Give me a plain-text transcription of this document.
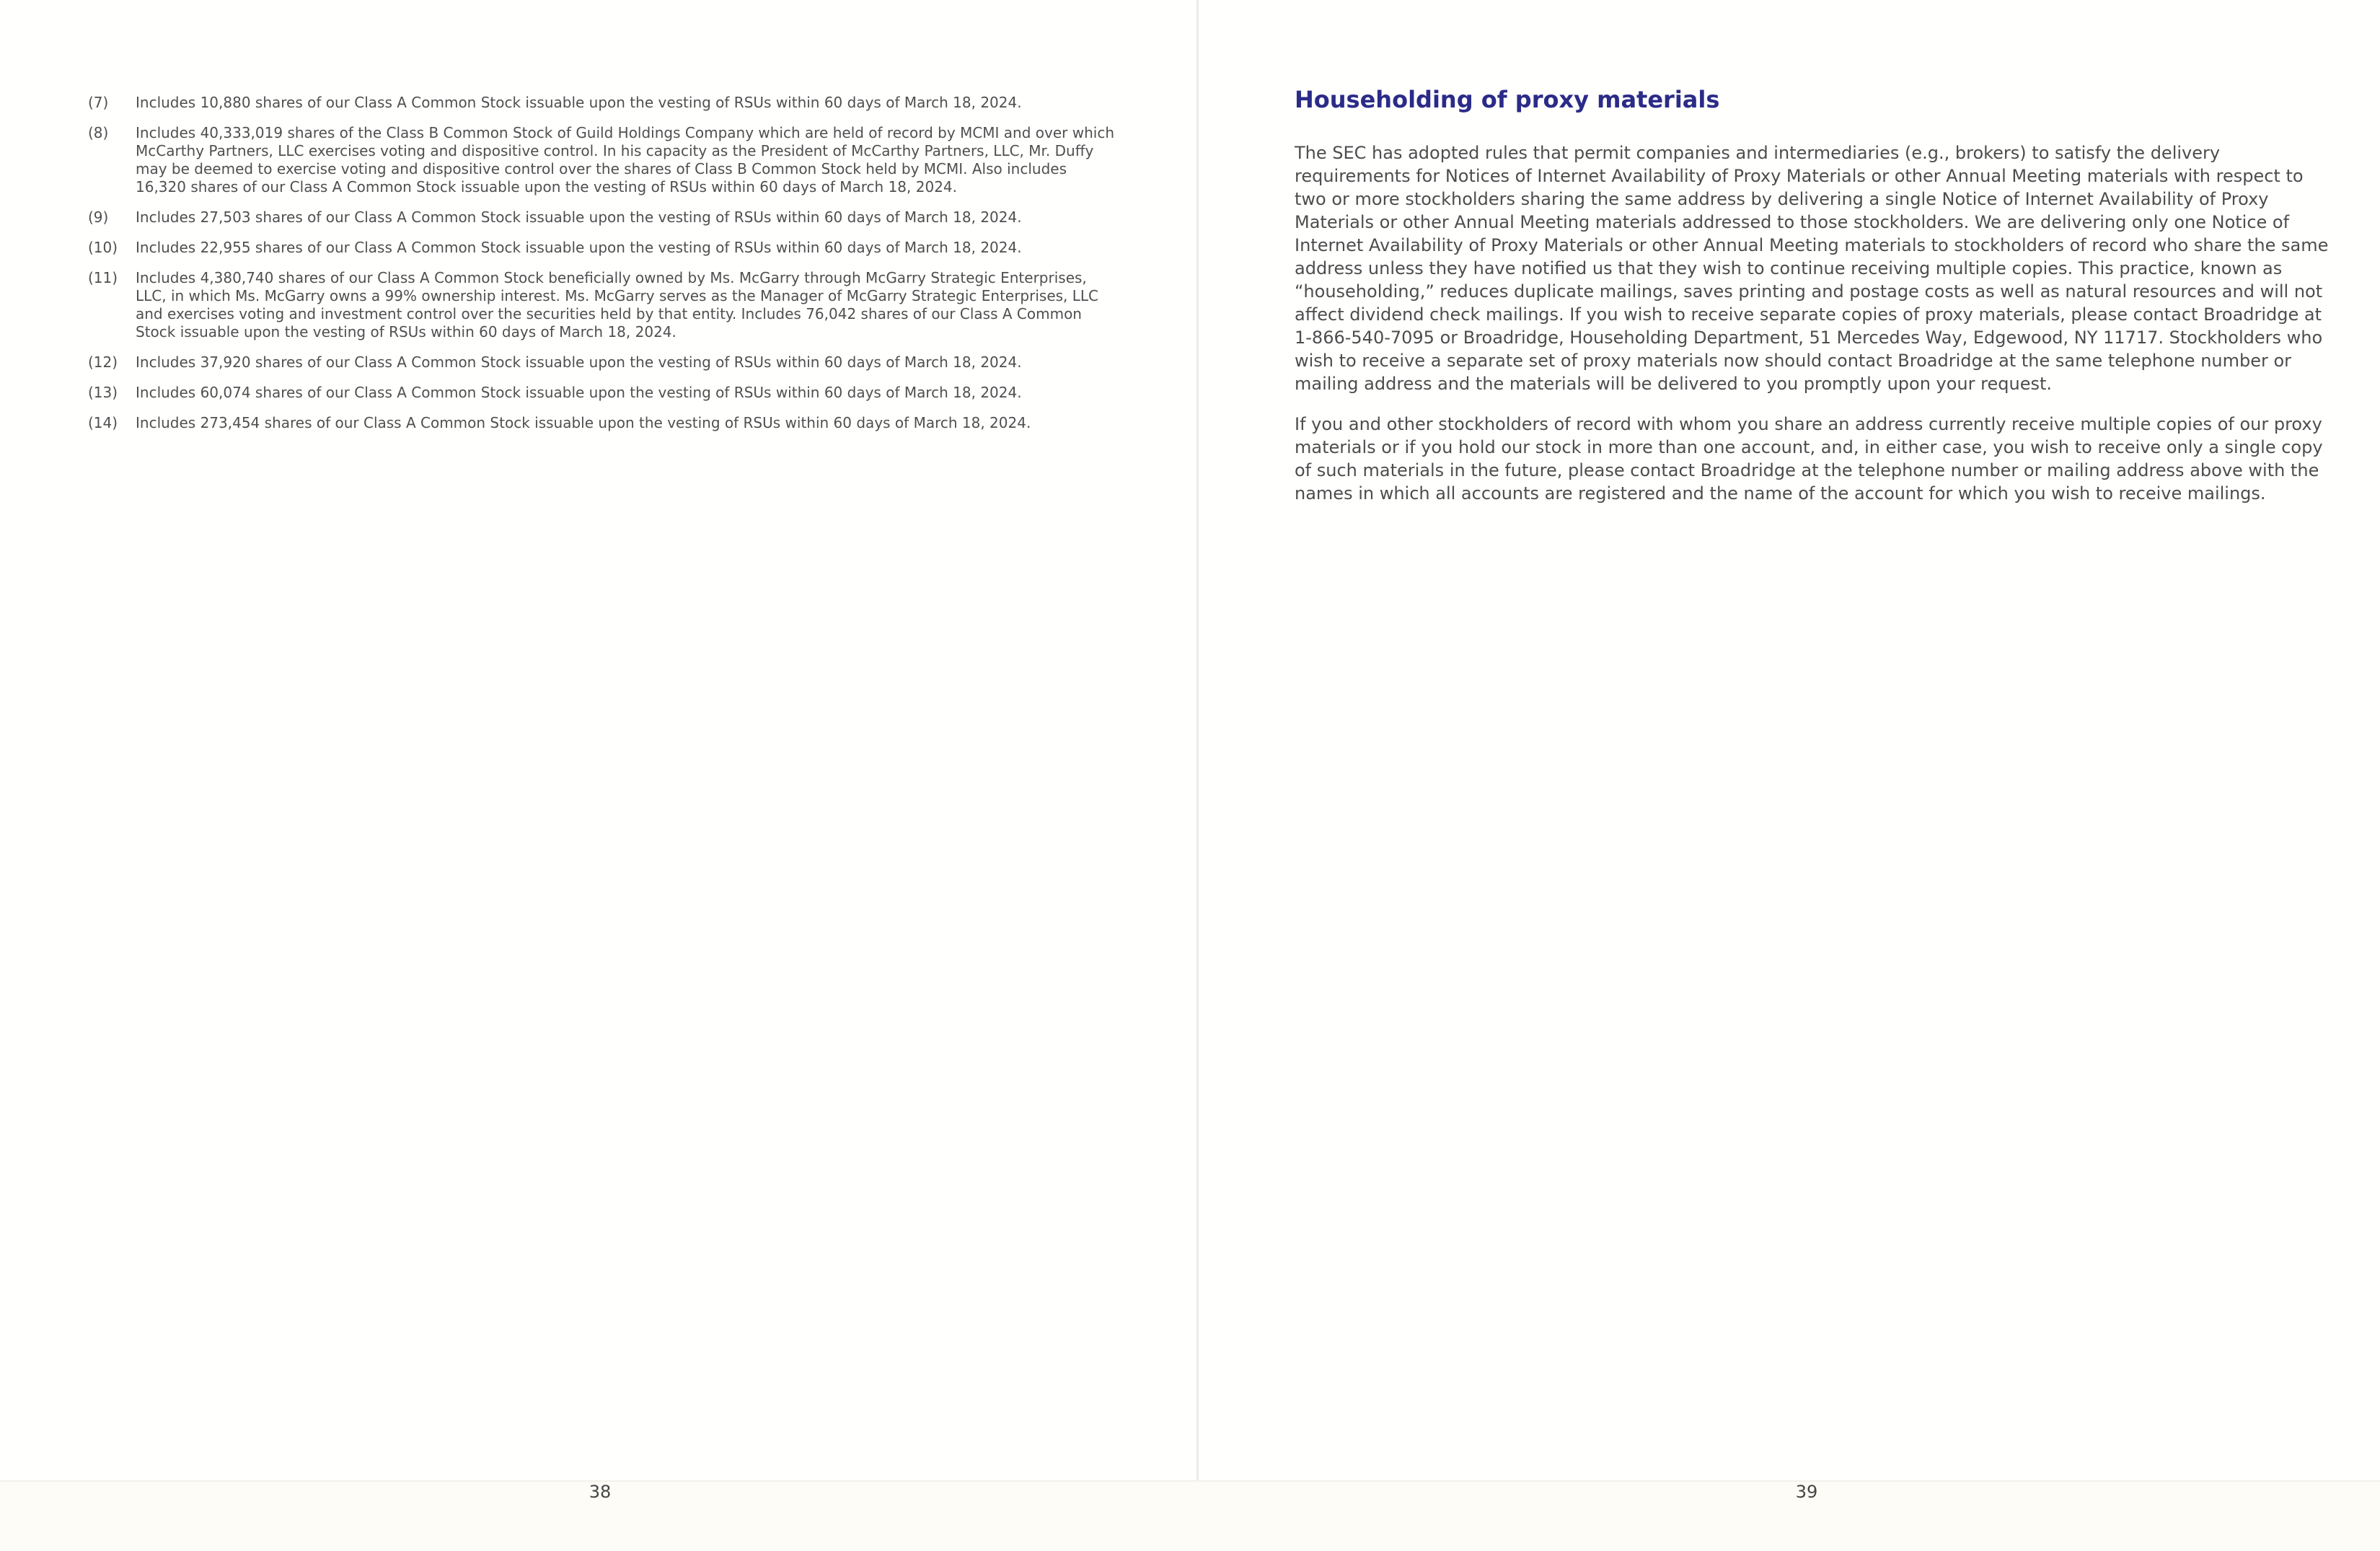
(7)	Includes 10,880 shares of our Class A Common Stock issuable upon the vesting of RSUs within 60 days of March 18, 2024.
(8)	Includes 40,333,019 shares of the Class B Common Stock of Guild Holdings Company which are held of record by MCMI and over which McCarthy Partners, LLC exercises voting and dispositive control. In his capacity as the President of McCarthy Partners, LLC, Mr. Duffy may be deemed to exercise voting and dispositive control over the shares of Class B Common Stock held by MCMI. Also includes 16,320 shares of our Class A Common Stock issuable upon the vesting of RSUs within 60 days of March 18, 2024.
(9)	Includes 27,503 shares of our Class A Common Stock issuable upon the vesting of RSUs within 60 days of March 18, 2024.
(10)	Includes 22,955 shares of our Class A Common Stock issuable upon the vesting of RSUs within 60 days of March 18, 2024.
(11)	Includes 4,380,740 shares of our Class A Common Stock beneficially owned by Ms. McGarry through McGarry Strategic Enterprises, LLC, in which Ms. McGarry owns a 99% ownership interest. Ms. McGarry serves as the Manager of McGarry Strategic Enterprises, LLC and exercises voting and investment control over the securities held by that entity. Includes 76,042 shares of our Class A Common Stock issuable upon the vesting of RSUs within 60 days of March 18, 2024.
(12)	Includes 37,920 shares of our Class A Common Stock issuable upon the vesting of RSUs within 60 days of March 18, 2024.
(13)	Includes 60,074 shares of our Class A Common Stock issuable upon the vesting of RSUs within 60 days of March 18, 2024.
(14)	Includes 273,454 shares of our Class A Common Stock issuable upon the vesting of RSUs within 60 days of March 18, 2024.
Householding of proxy materials

The SEC has adopted rules that permit companies and intermediaries (e.g., brokers) to satisfy the delivery requirements for Notices of Internet Availability of Proxy Materials or other Annual Meeting materials with respect to two or more stockholders sharing the same address by delivering a single Notice of Internet Availability of Proxy Materials or other Annual Meeting materials addressed to those stockholders. We are delivering only one Notice of Internet Availability of Proxy Materials or other Annual Meeting materials to stockholders of record who share the same address unless they have notified us that they wish to continue receiving multiple copies. This practice, known as “householding,” reduces duplicate mailings, saves printing and postage costs as well as natural resources and will not affect dividend check mailings. If you wish to receive separate copies of proxy materials, please contact Broadridge at 1-866-540-7095 or Broadridge, Householding Department, 51 Mercedes Way, Edgewood, NY 11717. Stockholders who wish to receive a separate set of proxy materials now should contact Broadridge at the same telephone number or mailing address and the materials will be delivered to you promptly upon your request.

If you and other stockholders of record with whom you share an address currently receive multiple copies of our proxy materials or if you hold our stock in more than one account, and, in either case, you wish to receive only a single copy of such materials in the future, please contact Broadridge at the telephone number or mailing address above with the names in which all accounts are registered and the name of the account for which you wish to receive mailings.

38	39
